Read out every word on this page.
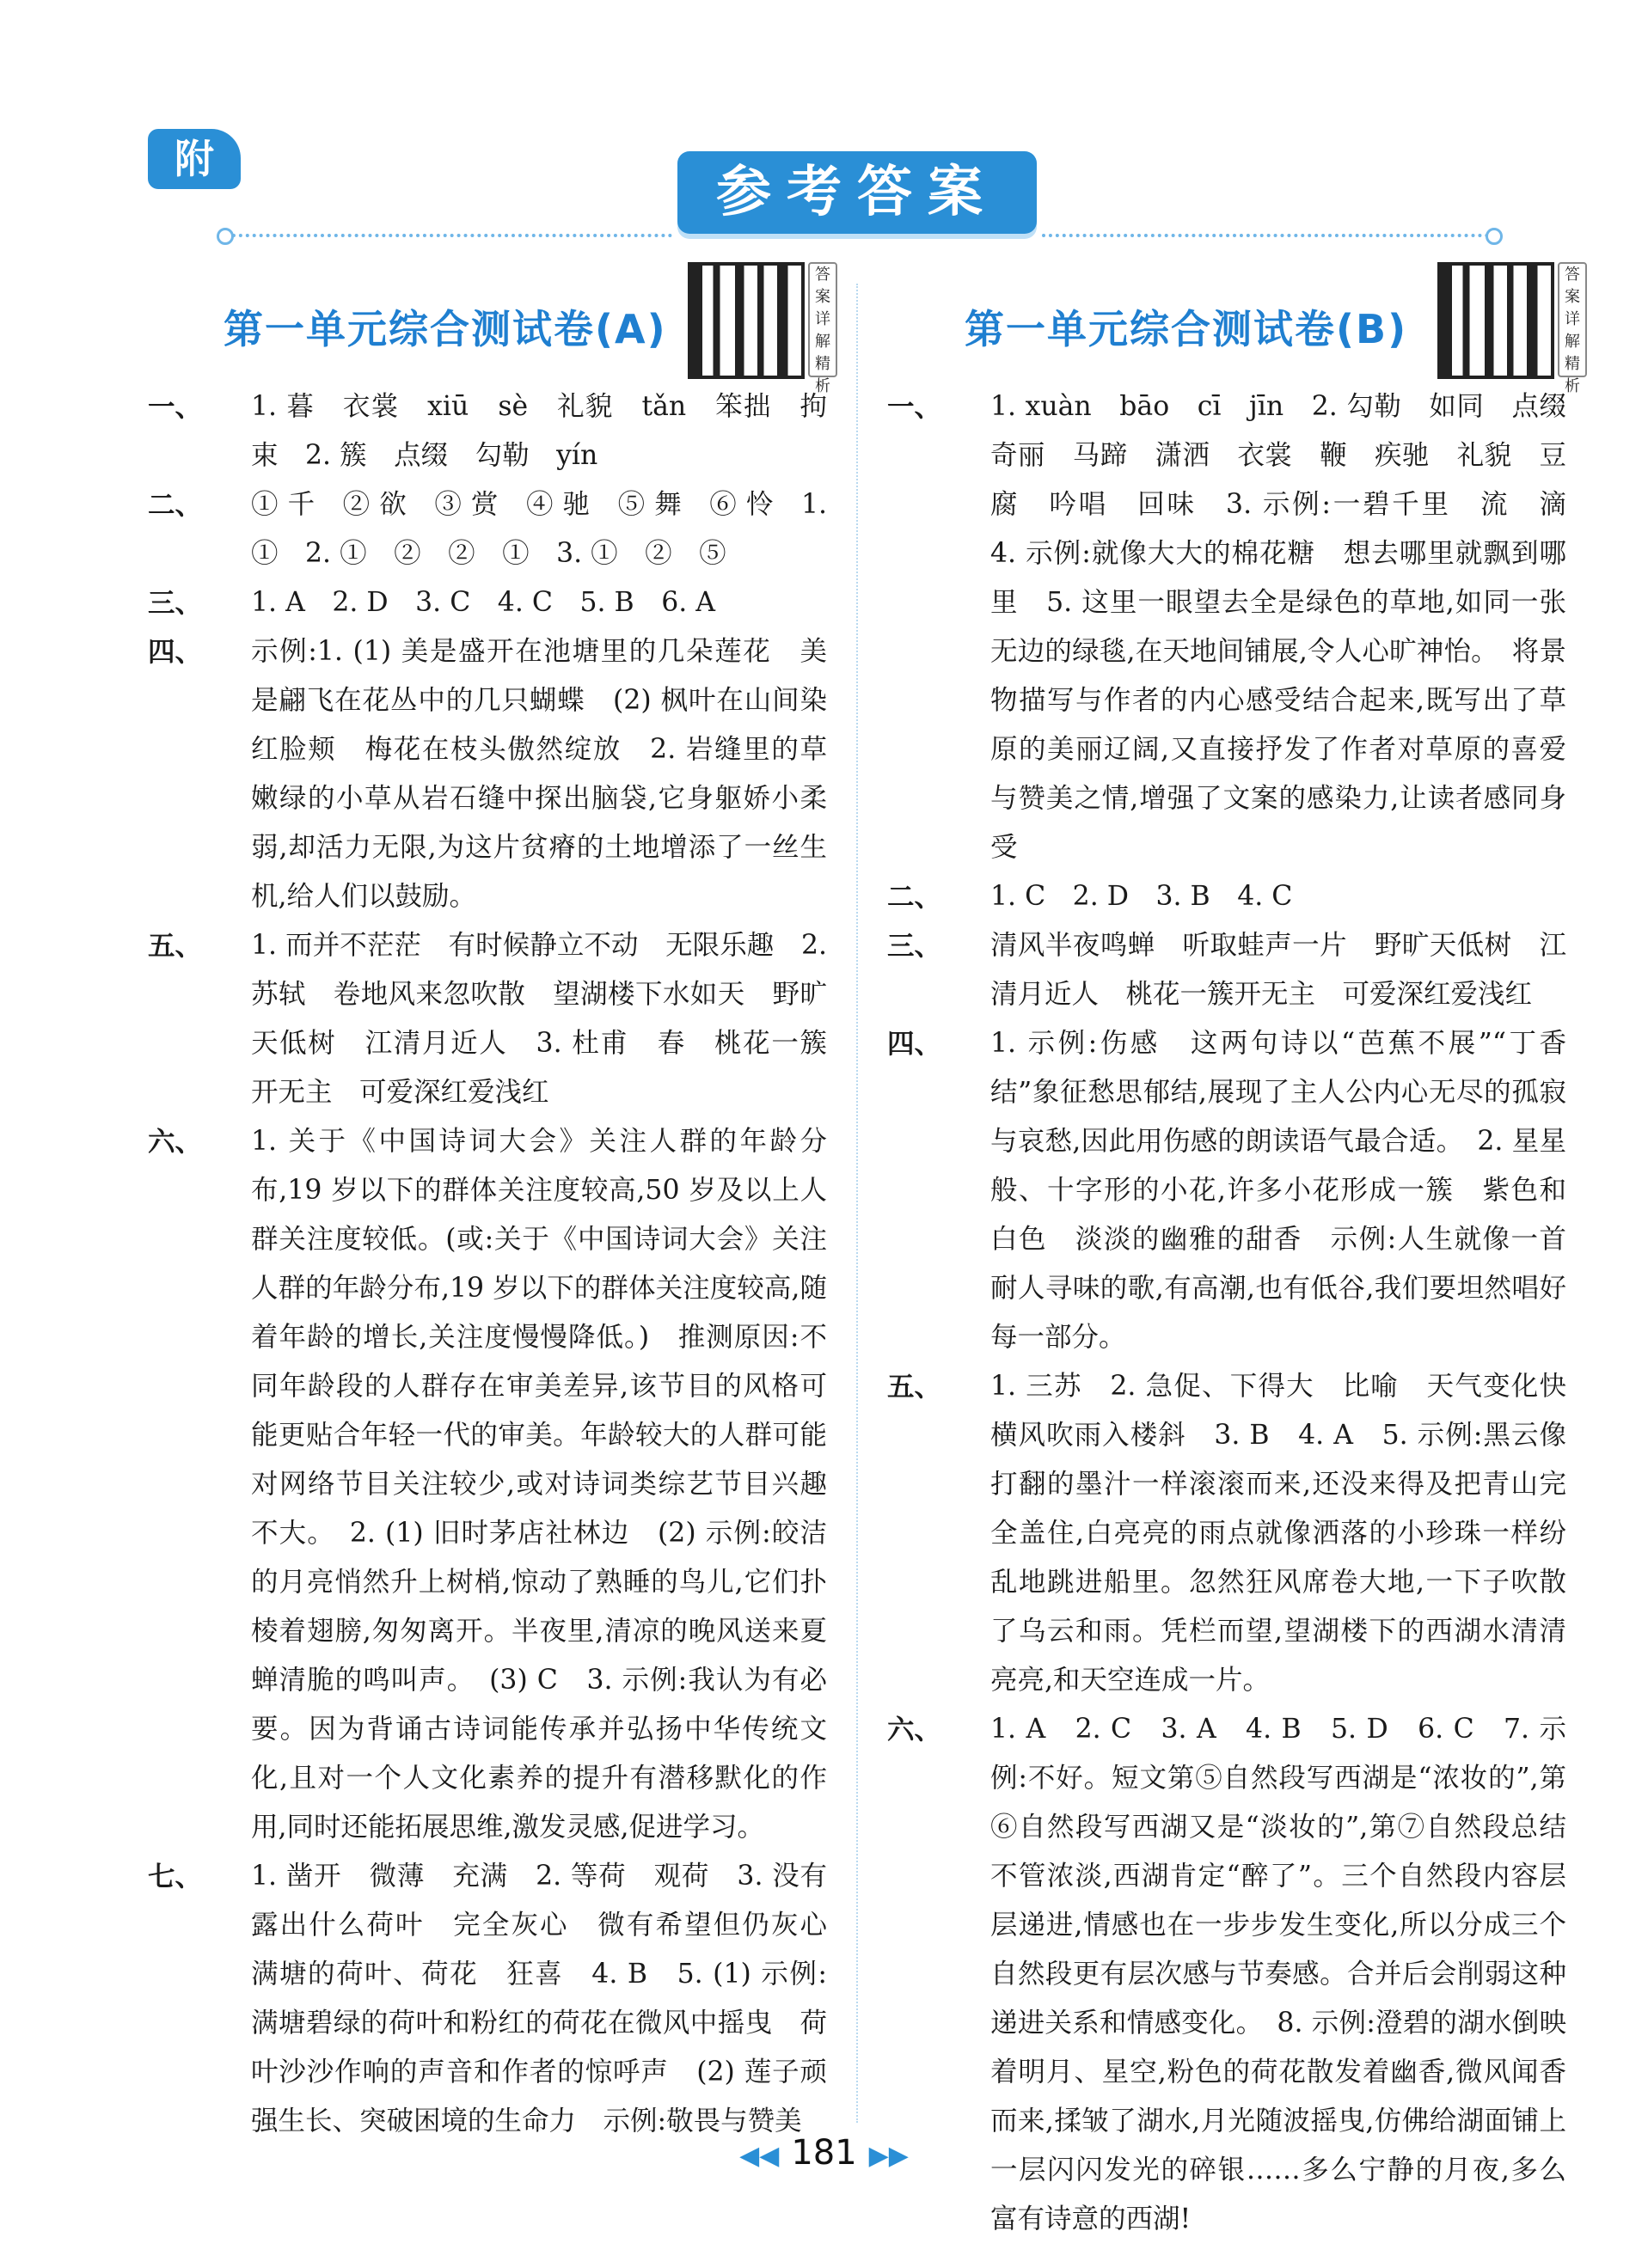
附
参考答案
第一单元综合测试卷(A)
答案详解精析
一、 1. 暮　衣裳　xiū　sè　礼貌　tǎn　笨拙　拘束　2. 簇　点缀　勾勒　yín
二、 ① 千　② 欲　③ 赏　④ 驰　⑤ 舞　⑥ 怜　1. ①　2. ①　②　②　①　3. ①　②　⑤
三、 1. A　2. D　3. C　4. C　5. B　6. A
四、 示例:1. (1) 美是盛开在池塘里的几朵莲花　美是翩飞在花丛中的几只蝴蝶　(2) 枫叶在山间染红脸颊　梅花在枝头傲然绽放　2. 岩缝里的草嫩绿的小草从岩石缝中探出脑袋,它身躯娇小柔弱,却活力无限,为这片贫瘠的土地增添了一丝生机,给人们以鼓励。
五、 1. 而并不茫茫　有时候静立不动　无限乐趣　2. 苏轼　卷地风来忽吹散　望湖楼下水如天　野旷天低树　江清月近人　3. 杜甫　春　桃花一簇开无主　可爱深红爱浅红
六、 1. 关于《中国诗词大会》关注人群的年龄分布,19 岁以下的群体关注度较高,50 岁及以上人群关注度较低。(或:关于《中国诗词大会》关注人群的年龄分布,19 岁以下的群体关注度较高,随着年龄的增长,关注度慢慢降低。)　推测原因:不同年龄段的人群存在审美差异,该节目的风格可能更贴合年轻一代的审美。年龄较大的人群可能对网络节目关注较少,或对诗词类综艺节目兴趣不大。　2. (1) 旧时茅店社林边　(2) 示例:皎洁的月亮悄然升上树梢,惊动了熟睡的鸟儿,它们扑棱着翅膀,匆匆离开。半夜里,清凉的晚风送来夏蝉清脆的鸣叫声。　(3) C　3. 示例:我认为有必要。因为背诵古诗词能传承并弘扬中华传统文化,且对一个人文化素养的提升有潜移默化的作用,同时还能拓展思维,激发灵感,促进学习。
七、 1. 凿开　微薄　充满　2. 等荷　观荷　3. 没有露出什么荷叶　完全灰心　微有希望但仍灰心　满塘的荷叶、荷花　狂喜　4. B　5. (1) 示例:满塘碧绿的荷叶和粉红的荷花在微风中摇曳　荷叶沙沙作响的声音和作者的惊呼声　(2) 莲子顽强生长、突破困境的生命力　示例:敬畏与赞美
第一单元综合测试卷(B)
答案详解精析
一、 1. xuàn　bāo　cī　jīn　2. 勾勒　如同　点缀　奇丽　马蹄　潇洒　衣裳　鞭　疾驰　礼貌　豆腐　吟唱　回味　3. 示例:一碧千里　流　滴　4. 示例:就像大大的棉花糖　想去哪里就飘到哪里　5. 这里一眼望去全是绿色的草地,如同一张无边的绿毯,在天地间铺展,令人心旷神怡。　将景物描写与作者的内心感受结合起来,既写出了草原的美丽辽阔,又直接抒发了作者对草原的喜爱与赞美之情,增强了文案的感染力,让读者感同身受
二、 1. C　2. D　3. B　4. C
三、 清风半夜鸣蝉　听取蛙声一片　野旷天低树　江清月近人　桃花一簇开无主　可爱深红爱浅红
四、 1. 示例:伤感　这两句诗以“芭蕉不展”“丁香结”象征愁思郁结,展现了主人公内心无尽的孤寂与哀愁,因此用伤感的朗读语气最合适。　2. 星星般、十字形的小花,许多小花形成一簇　紫色和白色　淡淡的幽雅的甜香　示例:人生就像一首耐人寻味的歌,有高潮,也有低谷,我们要坦然唱好每一部分。
五、 1. 三苏　2. 急促、下得大　比喻　天气变化快　横风吹雨入楼斜　3. B　4. A　5. 示例:黑云像打翻的墨汁一样滚滚而来,还没来得及把青山完全盖住,白亮亮的雨点就像洒落的小珍珠一样纷乱地跳进船里。忽然狂风席卷大地,一下子吹散了乌云和雨。凭栏而望,望湖楼下的西湖水清清亮亮,和天空连成一片。
六、 1. A　2. C　3. A　4. B　5. D　6. C　7. 示例:不好。短文第⑤自然段写西湖是“浓妆的”,第⑥自然段写西湖又是“淡妆的”,第⑦自然段总结不管浓淡,西湖肯定“醉了”。三个自然段内容层层递进,情感也在一步步发生变化,所以分成三个自然段更有层次感与节奏感。合并后会削弱这种递进关系和情感变化。　8. 示例:澄碧的湖水倒映着明月、星空,粉色的荷花散发着幽香,微风闻香而来,揉皱了湖水,月光随波摇曳,仿佛给湖面铺上一层闪闪发光的碎银……多么宁静的月夜,多么富有诗意的西湖!
◀◀ 181 ▶▶
